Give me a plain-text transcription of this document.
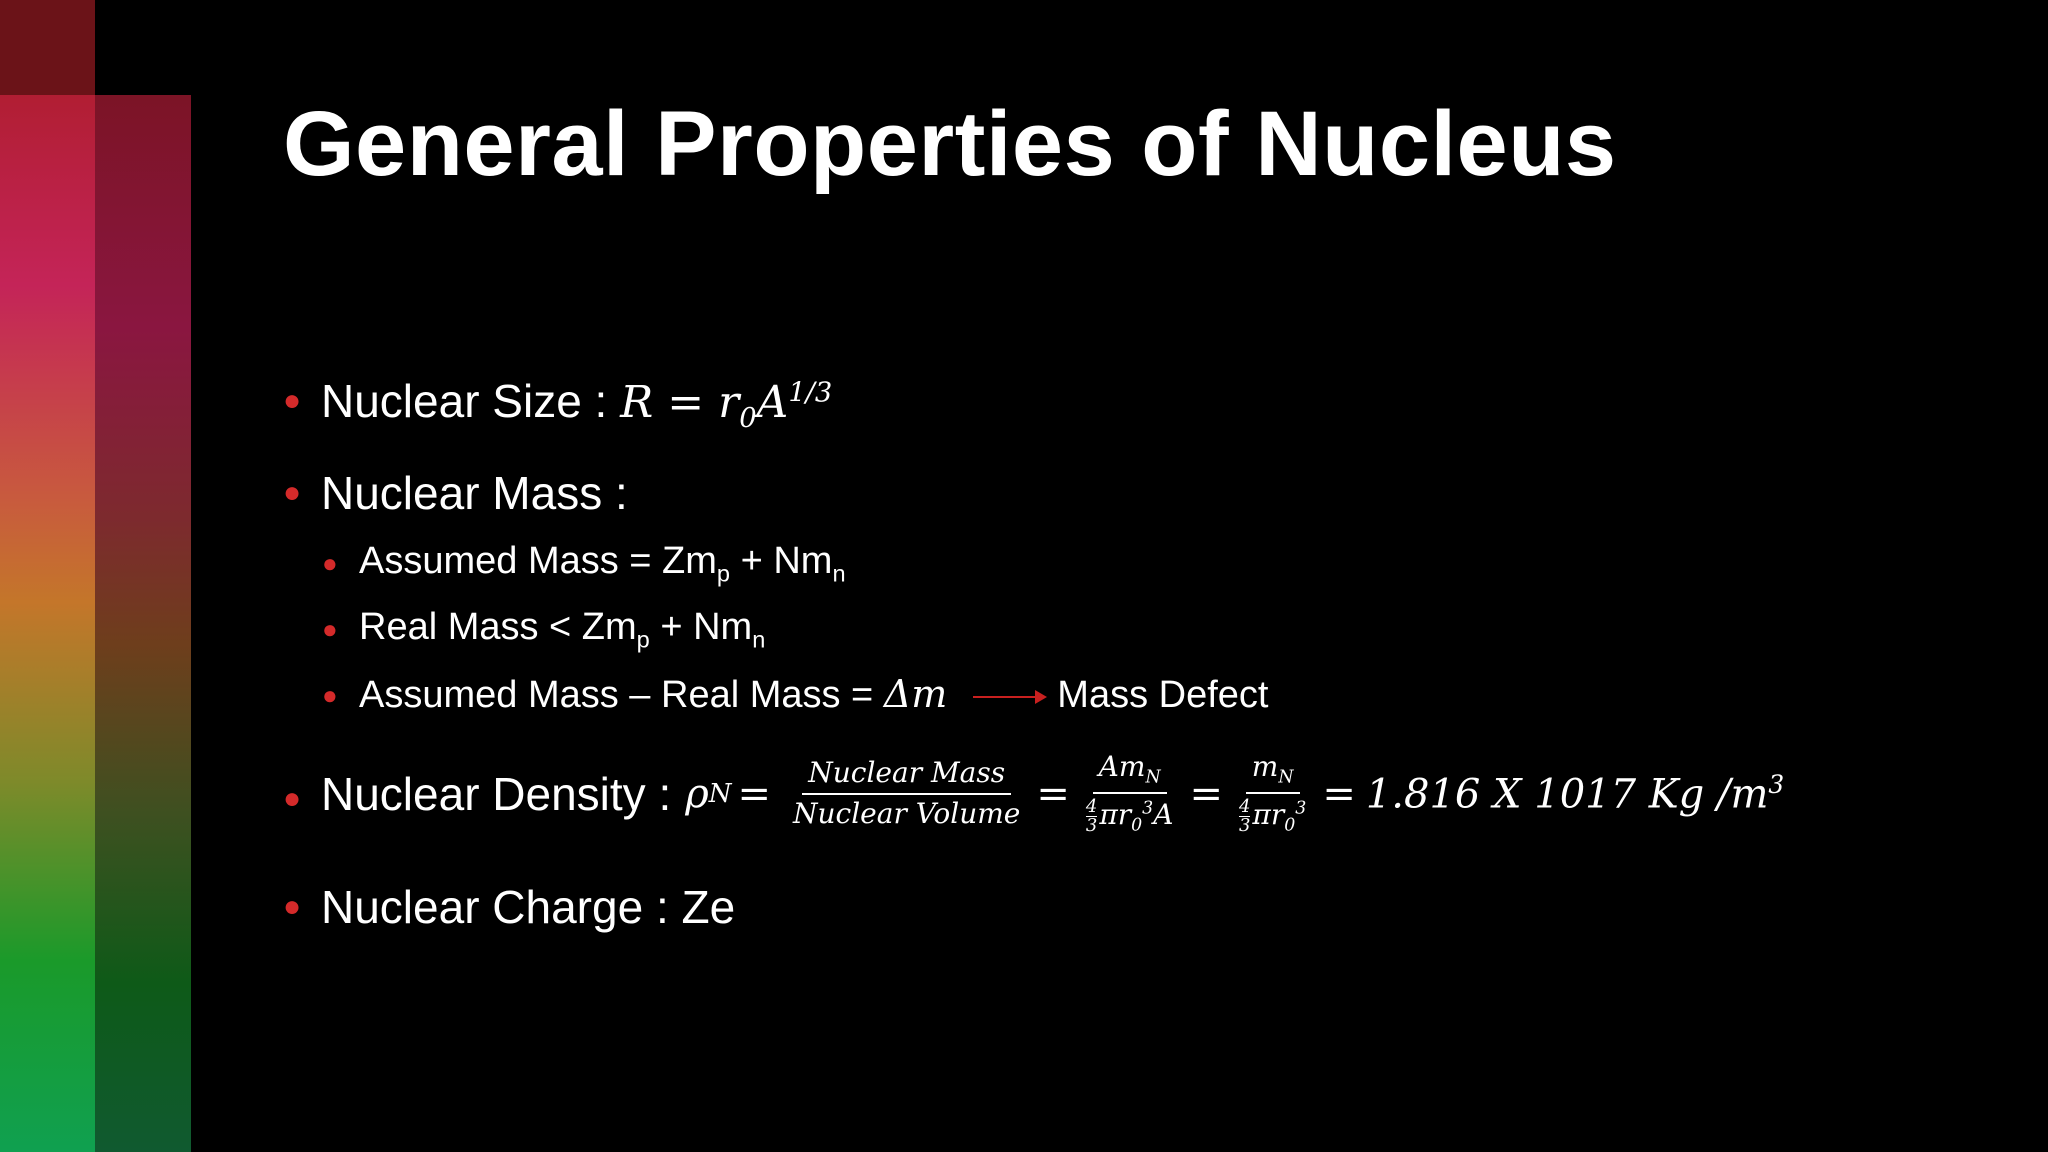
General Properties of Nucleus
● Nuclear Size : $R = r_0A^{1/3}$
● Nuclear Mass :
● Assumed Mass = $Zm_p + Nm_n$
● Real Mass < $Zm_p + Nm_n$
● Assumed Mass – Real Mass = Δm	Mass Defect
● Nuclear Density : ρ $N = \frac{\text{Nuclear Mass}}{\text{Nuclear Volume}} = \frac{Am_N}{\frac{4}{3} \pi r_0^3A} = \frac{m_N}{\frac{4}{3} \pi r_0^3} = 1.816$ X 1017 Kg $/m^3$
● Nuclear Charge : Ze
